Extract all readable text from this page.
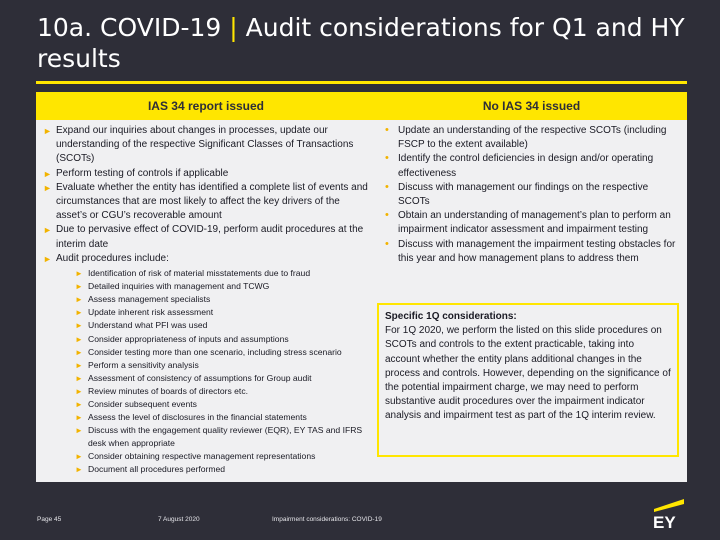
10a. COVID-19 | Audit considerations for Q1 and HY results
IAS 34 report issued	No IAS 34 issued
► Expand our inquiries about changes in processes, update our understanding of the respective Significant Classes of Transactions (SCOTs)
► Perform testing of controls if applicable
► Evaluate whether the entity has identified a complete list of events and circumstances that are most likely to affect the key drivers of the asset’s or CGU’s recoverable amount
► Due to pervasive effect of COVID-19, perform audit procedures at the interim date
► Audit procedures include:
► Identification of risk of material misstatements due to fraud
► Detailed inquiries with management and TCWG
► Assess management specialists
► Update inherent risk assessment
► Understand what PFI was used
► Consider appropriateness of inputs and assumptions
► Consider testing more than one scenario, including stress scenario
► Perform a sensitivity analysis
► Assessment of consistency of assumptions for Group audit
► Review minutes of boards of directors etc.
► Consider subsequent events
► Assess the level of disclosures in the financial statements
► Discuss with the engagement quality reviewer (EQR), EY TAS and IFRS desk when appropriate
► Consider obtaining respective management representations
► Document all procedures performed
• Update an understanding of the respective SCOTs (including FSCP to the extent available)
• Identify the control deficiencies in design and/or operating effectiveness
• Discuss with management our findings on the respective SCOTs
• Obtain an understanding of management’s plan to perform an impairment indicator assessment and impairment testing
• Discuss with management the impairment testing obstacles for this year and how management plans to address them
Specific 1Q considerations:
For 1Q 2020, we perform the listed on this slide procedures on SCOTs and controls to the extent practicable, taking into account whether the entity plans additional changes in the process and controls. However, depending on the significance of the potential impairment charge, we may need to perform substantive audit procedures over the impairment indicator analysis and impairment test as part of the 1Q interim review.
Page 45	7 August 2020	Impairment considerations: COVID-19	EY
